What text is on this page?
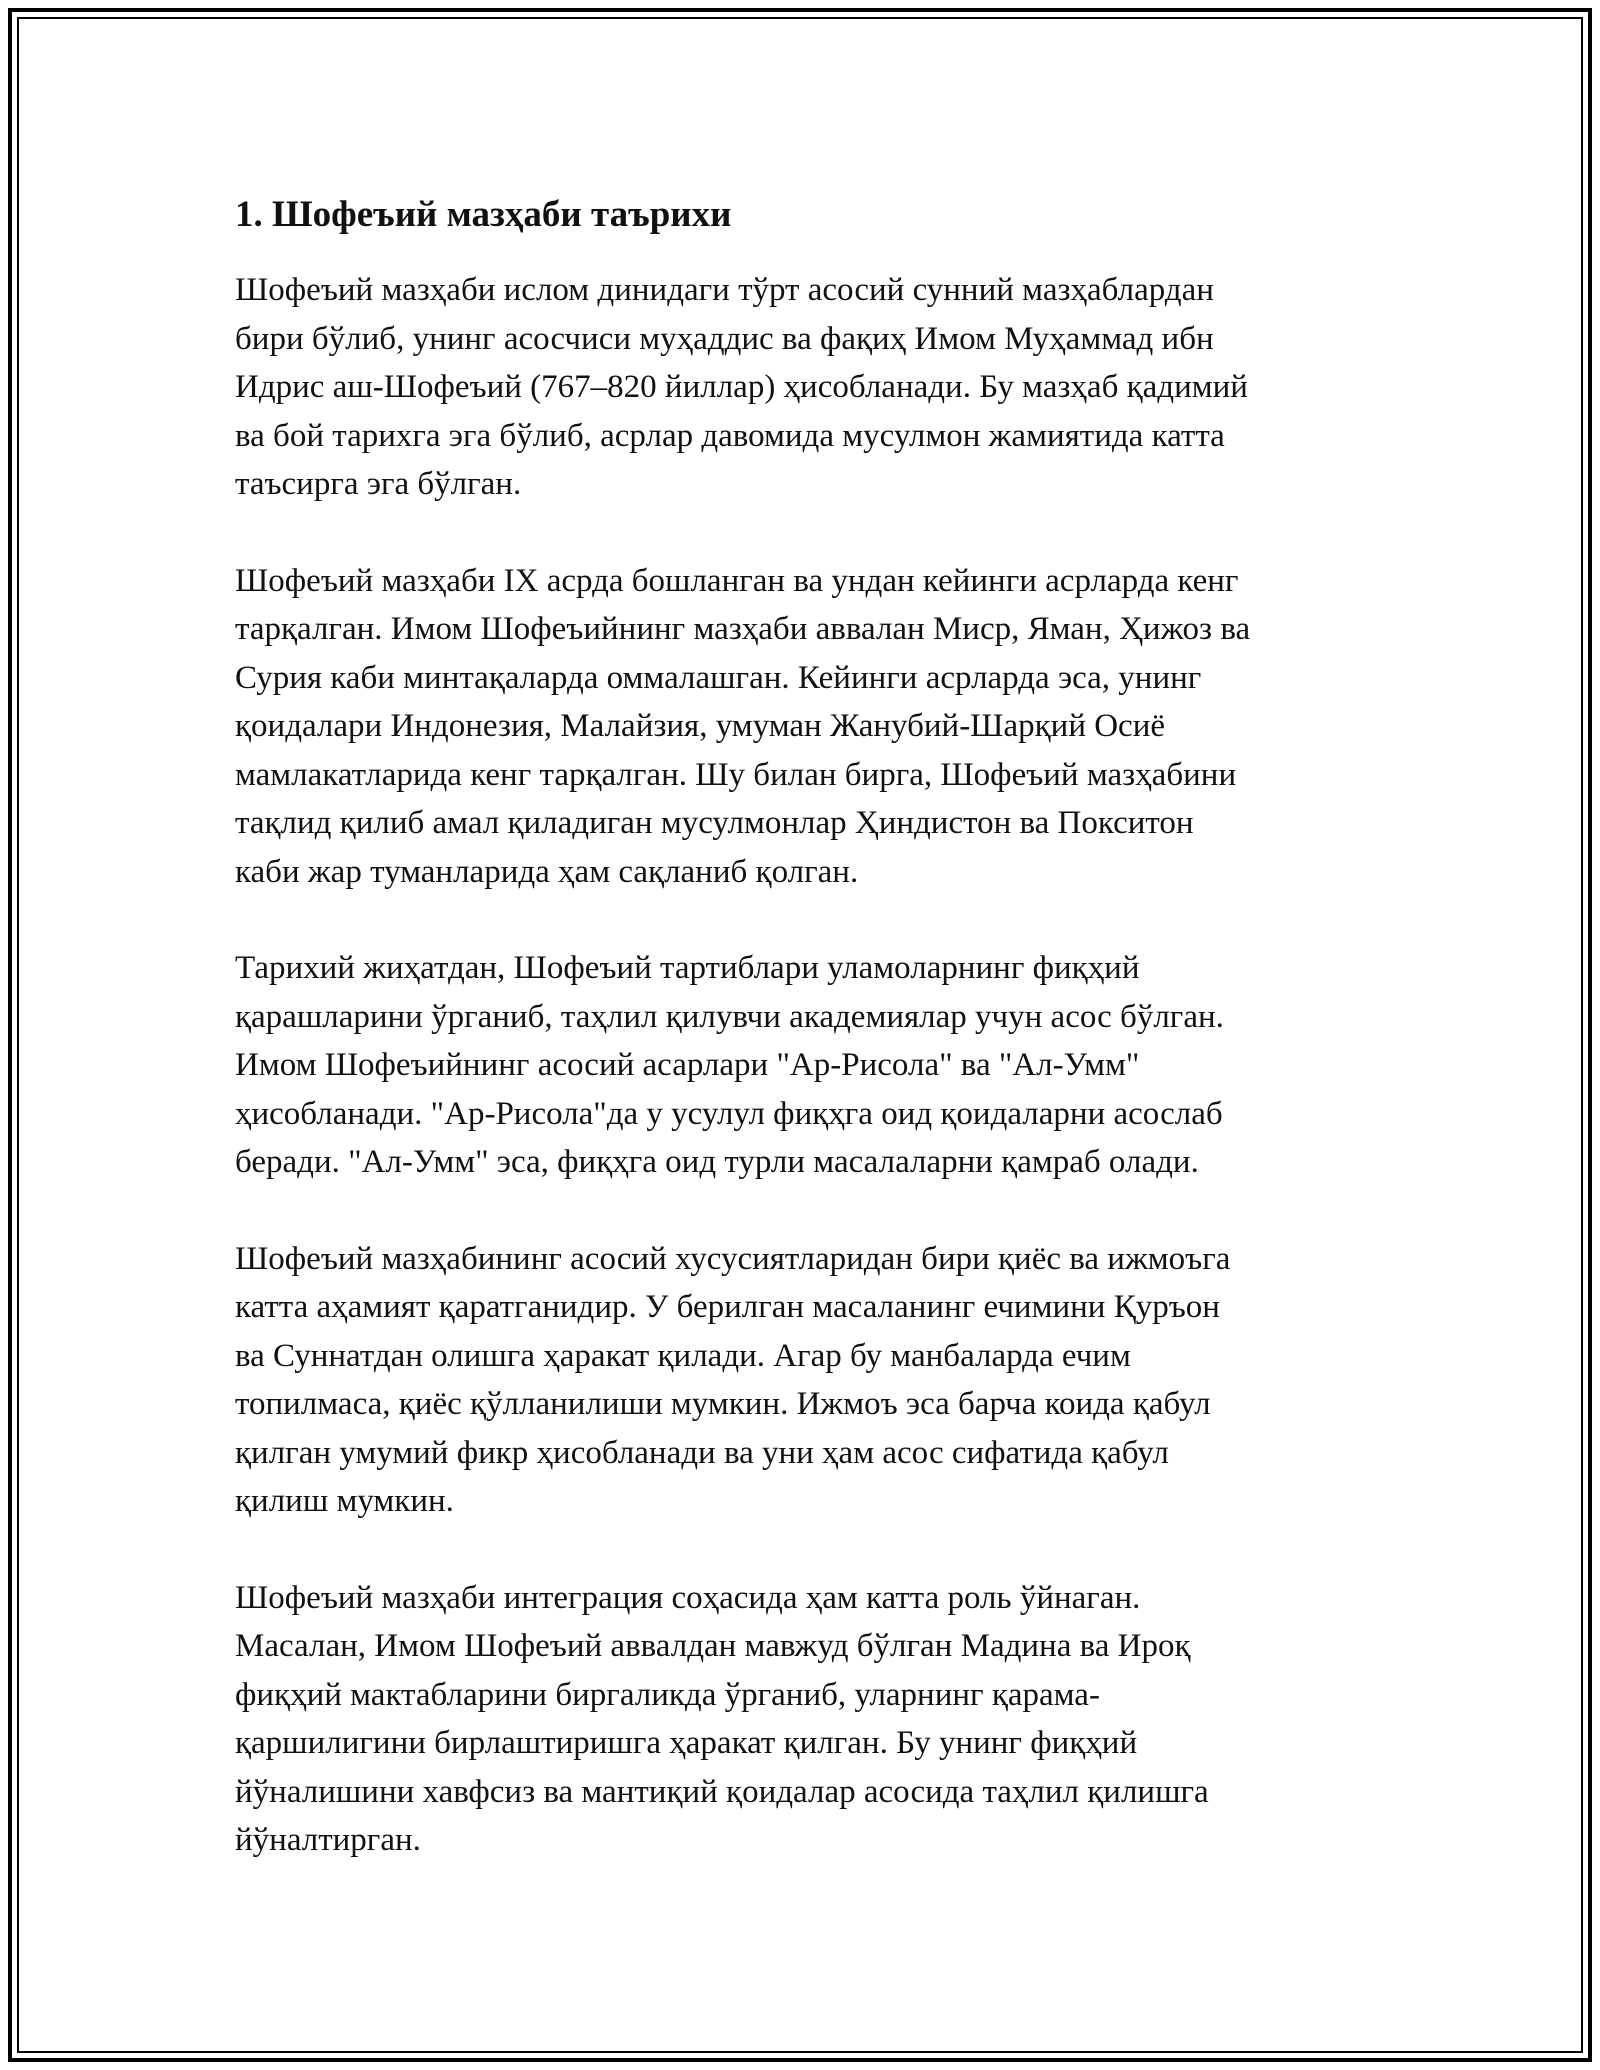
1. Шофеъий мазҳаби таърихи

Шофеъий мазҳаби ислом динидаги тўрт асосий сунний мазҳаблардан
бири бўлиб, унинг асосчиси муҳаддис ва фақиҳ Имом Муҳаммад ибн
Идрис аш-Шофеъий (767–820 йиллар) ҳисобланади. Бу мазҳаб қадимий
ва бой тарихга эга бўлиб, асрлар давомида мусулмон жамиятида катта
таъсирга эга бўлган.

Шофеъий мазҳаби IX асрда бошланган ва ундан кейинги асрларда кенг
тарқалган. Имом Шофеъийнинг мазҳаби аввалан Миср, Яман, Ҳижоз ва
Сурия каби минтақаларда оммалашган. Кейинги асрларда эса, унинг
қоидалари Индонезия, Малайзия, умуман Жанубий-Шарқий Осиё
мамлакатларида кенг тарқалган. Шу билан бирга, Шофеъий мазҳабини
тақлид қилиб амал қиладиган мусулмонлар Ҳиндистон ва Покситон
каби жар туманларида ҳам сақланиб қолган.

Тарихий жиҳатдан, Шофеъий тартиблари уламоларнинг фиқҳий
қарашларини ўрганиб, таҳлил қилувчи академиялар учун асос бўлган.
Имом Шофеъийнинг асосий асарлари "Ар-Рисола" ва "Ал-Умм"
ҳисобланади. "Ар-Рисола"да у усулул фиқҳга оид қоидаларни асослаб
беради. "Ал-Умм" эса, фиқҳга оид турли масалаларни қамраб олади.

Шофеъий мазҳабининг асосий хусусиятларидан бири қиёс ва ижмоъга
катта аҳамият қаратганидир. У берилган масаланинг ечимини Қуръон
ва Суннатдан олишга ҳаракат қилади. Агар бу манбаларда ечим
топилмаса, қиёс қўлланилиши мумкин. Ижмоъ эса барча коида қабул
қилган умумий фикр ҳисобланади ва уни ҳам асос сифатида қабул
қилиш мумкин.

Шофеъий мазҳаби интеграция соҳасида ҳам катта роль ўйнаган.
Масалан, Имом Шофеъий аввалдан мавжуд бўлган Мадина ва Ироқ
фиқҳий мактабларини биргаликда ўрганиб, уларнинг қарама-
қаршилигини бирлаштиришга ҳаракат қилган. Бу унинг фиқҳий
йўналишини хавфсиз ва мантиқий қоидалар асосида таҳлил қилишга
йўналтирган.
